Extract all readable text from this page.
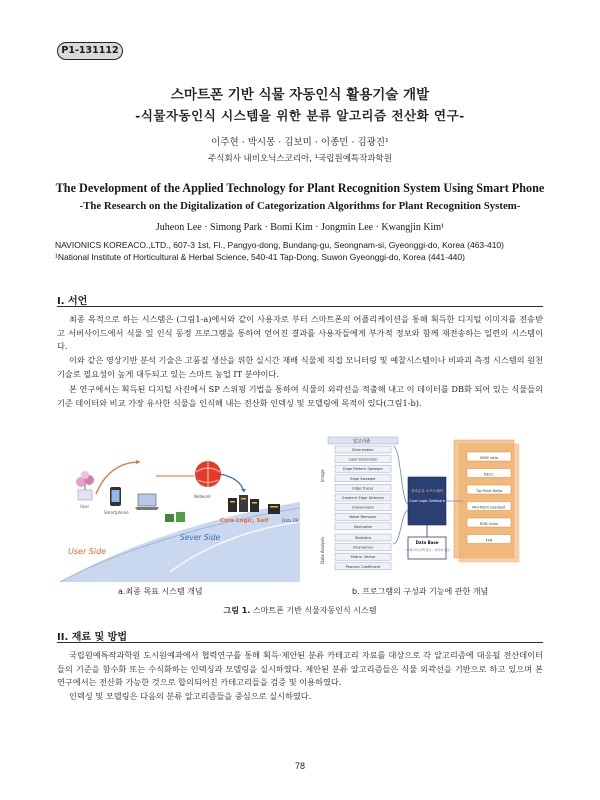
P1-131112
스마트폰 기반 식물 자동인식 활용기술 개발
-식물자동인식 시스템을 위한 분류 알고리즘 전산화 연구-
이주현 · 박시몽 · 김보미 · 이종민 · 김광진¹
주식회사 내비오닉스코리아, ¹국립원예특작과학원
The Development of the Applied Technology for Plant Recognition System Using Smart Phone
-The Research on the Digitalization of Categorization Algorithms for Plant Recognition System-
Juheon Lee · Simong Park · Bomi Kim · Jongmin Lee · Kwangjin Kim¹
NAVIONICS KOREACO.,LTD., 607-3 1st, Fl., Pangyo-dong, Bundang-gu, Seongnam-si, Gyeonggi-do, Korea (463-410)
¹National Institute of Horticultural & Herbal Science, 540-41 Tap-Dong, Suwon Gyeonggi-do, Korea (441-440)
I. 서언
최종 목적으로 하는 시스템은 (그림1-a)에서와 같이 사용자로 부터 스마트폰의 어플리케이션을 통해 획득한 디지털 이미지를 전송받고 서버사이드에서 식물 잎 인식 동정 프로그램을 통하여 얻어진 결과를 사용자들에게 부가적 정보와 함께 재전송하는 일련의 시스템이다.
이와 같은 영상기반 분석 기술은 고품질 생산을 위한 실시간 재배 식물체 직접 모니터링 및 예찰시스템이나 비파괴 측정 시스템의 원천기술로 필요성이 높게 대두되고 있는 스마트 농업 IT 분야이다.
본 연구에서는 획득된 디지털 사진에서 SP 스위핑 기법을 통하여 식물의 외곽선을 적출해 내고 이 데이터를 DB화 되어 있는 식물들의 기준 데이터와 비교 가장 유사한 식물을 인식해 내는 전산화 인덱싱 및 모델링에 목적이 있다(그림1-b).
User Side
Sever Side
Network
User
Smartphone
Core Logic, Self	Data DB
알고리즘
Image
Data Analysis
Binarization
Color Extraction
Edge Pattern Sweeper
Edge Sweeper
Edge Tracer
Gradient Edge Detector
Unevenness
Noise Remover
Normalize
Statistics
Polynomial
Matrix, Vector
Pearson Coefficient
결과분류 소프트웨어
Core Logic Software
Data Base
- 카테고리 인덱 정보 - 이미지 정보
NOM ratio
RECC
Tip Point Delta
Mid-Point Gradient
RGB Color
FFB
a.최종 목표 시스템 개념	b. 프로그램의 구성과 기능에 관한 개념
그림 1. 스마트폰 기반 식물자동인식 시스템
II. 재료 및 방법
국립원예특작과학원 도시원예과에서 협력연구를 통해 획득·제안된 분류 카테고리 자료를 대상으로 각 알고리즘에 대응될 전산데이터들의 기준을 함수화 또는 수식화하는 인덱싱과 모델링을 실시하였다. 제안된 분류 알고리즘들은 식물 외곽선을 기반으로 하고 있으며 본 연구에서는 전산화 가능한 것으로 합의되어진 카테고리들을 검증 및 이용하였다.
인덱싱 및 모델링은 다음의 분류 알고리즘들을 중심으로 실시하였다.
78
